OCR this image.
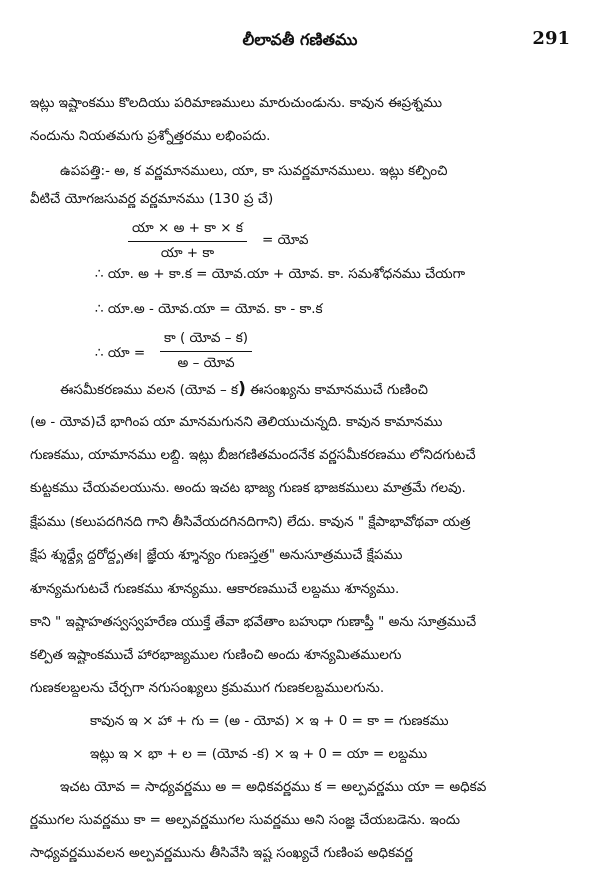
లీలావతీ గణితము	291
ఇట్లు ఇష్టాంకము కొలదియు పరిమాణములు మారుచుండును. కావున ఈప్రశ్నము
నందును నియతమగు ప్రశ్నోత్తరము లభింపదు.
ఉపపత్తి:- అ, క వర్ణమానములు, యా, కా సువర్ణమానములు. ఇట్లు కల్పించి
వీటిచే యోగజసువర్ణ వర్ణమానము (130 ప్ర చే)
యా × అ + కా × క
యా + కా
= యోవ
∴ యా. అ + కా.క = యోవ.యా + యోవ. కా. సమశోధనము చేయగా
∴ యా.అ - యోవ.యా = యోవ. కా - కా.క
∴ యా =
కా ( యోవ – క)
అ – యోవ
ఈసమీకరణము వలన (యోవ – క) ఈసంఖ్యను కామానముచే గుణించి
(అ - యోవ)చే భాగింప యా మానమగునని తెలియుచున్నది. కావున కామానము
గుణకము, యామానము లబ్ధి. ఇట్లు బీజగణితమందనేక వర్ణసమీకరణము లోనిదగుటచే
కుట్టకము చేయవలయును. అందు ఇచట భాజ్య గుణక భాజకములు మాత్రమే గలవు.
క్షేపము (కలుపదగినది గాని తీసివేయదగినదిగాని) లేదు. కావున " క్షేపాభావోథవా యత్ర
క్షేప శ్శుధ్ధ్యే ద్ధరోద్ధృతః| జ్ఞేయ శ్శూన్యం గుణస్తత్ర" అనుసూత్రముచే క్షేపము
శూన్యమగుటచే గుణకము శూన్యము. ఆకారణముచే లబ్ధము శూన్యము.
కాని " ఇష్టాహతస్వస్వహరేణ యుక్తే తేవా భవేతాం బహుధా గుణాప్తీ " అను సూత్రముచే
కల్పిత ఇష్టాంకముచే హారభాజ్యముల గుణించి అందు శూన్యమితములగు
గుణకలబ్దలను చేర్చగా నగుసంఖ్యలు క్రమముగ గుణకలబ్ధములగును.
కావున ఇ × హా + గు = (అ - యోవ) × ఇ + 0 = కా = గుణకము
ఇట్లు ఇ × భా + ల = (యోవ -క) × ఇ + 0 = యా = లబ్ధము
ఇచట యోవ = సాధ్యవర్ణము అ = అధికవర్ణము క = అల్పవర్ణము యా = అధికవ
ర్ణముగల సువర్ణము కా = అల్పవర్ణముగల సువర్ణము అని సంజ్ఞ చేయబడెను. ఇందు
సాధ్యవర్ణమువలన అల్పవర్ణమును తీసివేసి ఇష్ట సంఖ్యచే గుణింప అధికవర్ణ
